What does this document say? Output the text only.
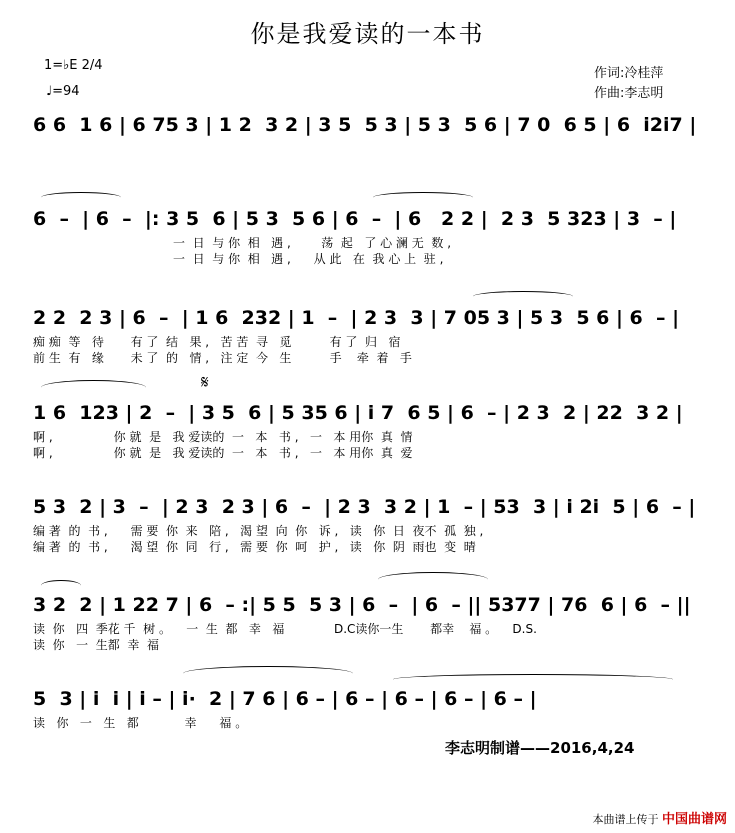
你是我爱读的一本书
1=♭E 2/4
♩=94
作词:冷桂萍
作曲:李志明
6 6  1 6 | 6 75 3 | 1 2  3 2 | 3 5  5 3 | 5 3  5 6 | 7 0  6 5 | 6  i2i7 |
6  –  | 6  –  |: 3 5  6 | 5 3  5 6 | 6  –  | 6   2 2 |  2 3  5 323 | 3  – |
一  日  与 你  相   遇 ,        荡  起   了 心 澜 无  数 ,
一  日  与 你  相   遇 ,      从 此   在  我 心 上  驻 ,
2 2  2 3 | 6  –  | 1 6  232 | 1  –  | 2 3  3 | 7 05 3 | 5 3  5 6 | 6  – |
痴 痴  等   待       有 了  结   果 ,   苦 苦  寻   觅          有 了  归   宿
前 生  有   缘       未 了  的   情 ,   注 定  今   生          手    牵  着   手
𝄋
1 6  123 | 2  –  | 3 5  6 | 5 35 6 | i 7  6 5 | 6  – | 2 3  2 | 22  3 2 |
啊 ,                你 就  是   我 爱读的  一   本   书 ,   一   本 用你  真  情
啊 ,                你 就  是   我 爱读的  一   本   书 ,   一   本 用你  真  爱
5 3  2 | 3  –  | 2 3  2 3 | 6  –  | 2 3  3 2 | 1  – | 53  3 | i 2i  5 | 6  – |
编 著  的  书 ,      需 要  你  来   陪 ,   渴 望  向  你   诉 ,   读   你  日  夜不  孤  独 ,
编 著  的  书 ,      渴 望  你  同   行 ,   需 要  你  呵   护 ,   读   你  阴  雨也  变  晴
3 2  2 | 1 22 7 | 6  – :| 5 5  5 3 | 6  –  | 6  – || 5377 | 76  6 | 6  – ||
读  你   四  季花 千  树 。    一  生  都   幸   福             D.C读你一生       都幸    福 。    D.S.
读  你   一  生都  幸  福
5  3 | i  i | i – | i·  2 | 7 6 | 6 – | 6 – | 6 – | 6 – | 6 – |
读   你   一   生   都            幸      福 。
李志明制谱——2016,4,24
本曲谱上传于 中国曲谱网
